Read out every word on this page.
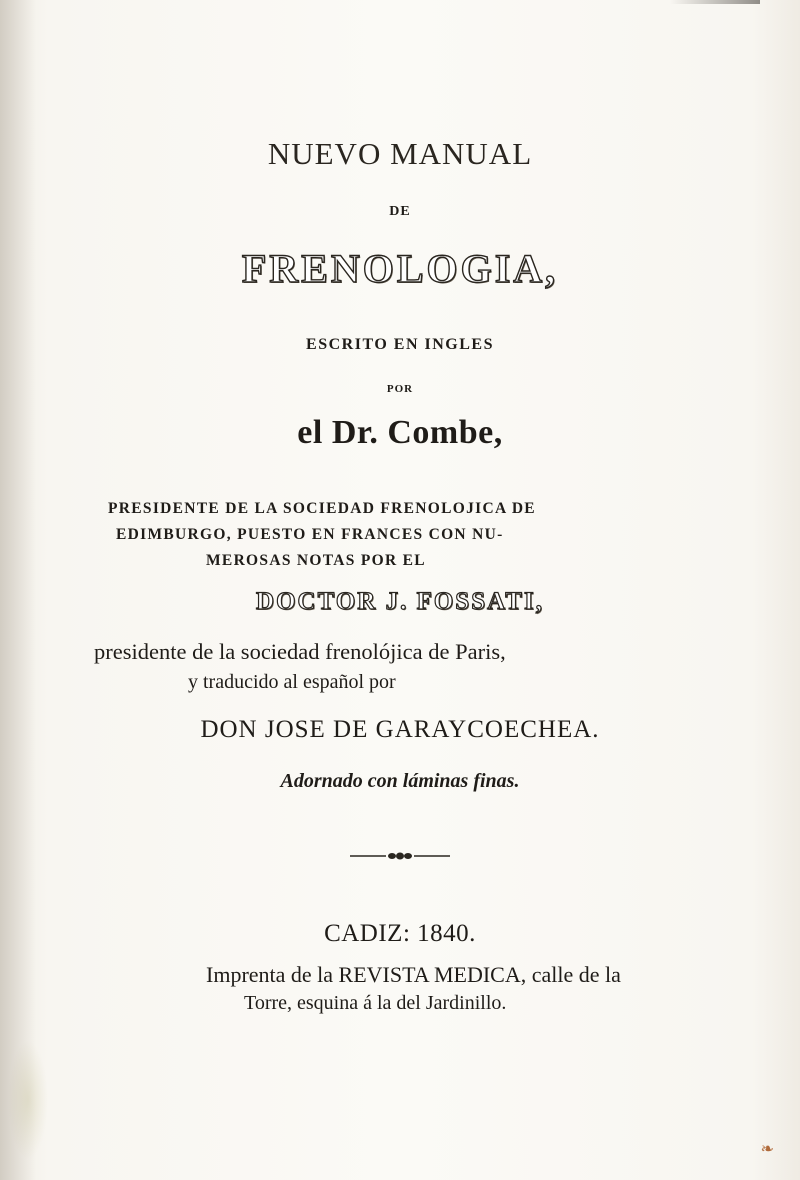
❧
NUEVO MANUAL
DE
FRENOLOGIA,
ESCRITO EN INGLES
POR
el Dr. Combe,
PRESIDENTE DE LA SOCIEDAD FRENOLOJICA DE
EDIMBURGO, PUESTO EN FRANCES CON NU-
MEROSAS NOTAS POR EL
DOCTOR J. FOSSATI,
presidente de la sociedad frenolójica de Paris,
y traducido al español por
DON JOSE DE GARAYCOECHEA.
Adornado con láminas finas.
CADIZ: 1840.
Imprenta de la REVISTA MEDICA, calle de la
Torre, esquina á la del Jardinillo.
